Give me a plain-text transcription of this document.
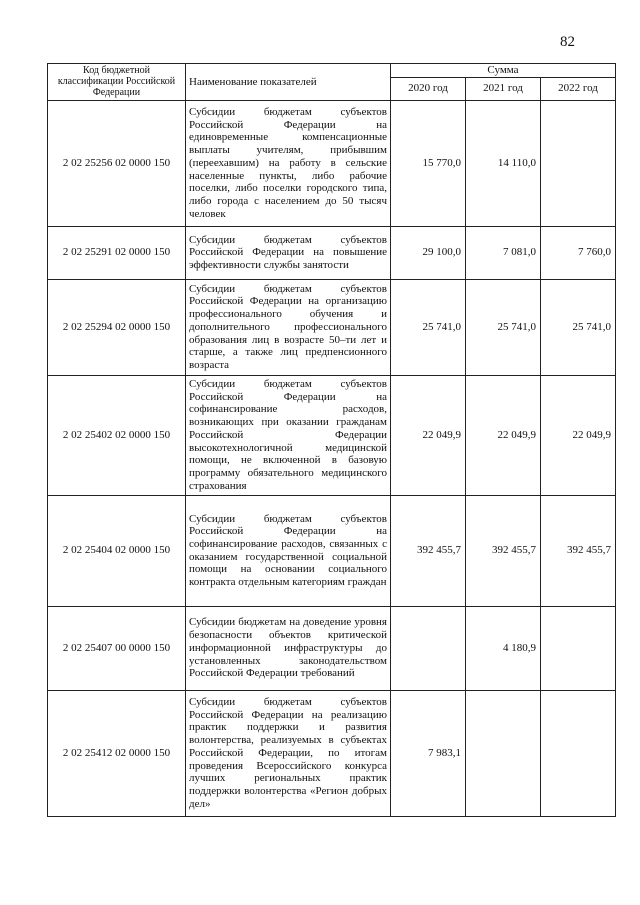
82
Код бюджетной классификации Российской Федерации	Наименование показателей	Сумма		
		2020 год	2021 год	2022 год
2 02 25256 02 0000 150	Субсидии бюджетам субъектов Российской Федерации на единовременные компенсационные выплаты учителям, прибывшим (переехавшим) на работу в сельские населенные пункты, либо рабочие поселки, либо поселки городского типа, либо города с населением до 50 тысяч человек	15 770,0	14 110,0	
2 02 25291 02 0000 150	Субсидии бюджетам субъектов Российской Федерации на повышение эффективности службы занятости	29 100,0	7 081,0	7 760,0
2 02 25294 02 0000 150	Субсидии бюджетам субъектов Российской Федерации на организацию профессионального обучения и дополнительного профессионального образования лиц в возрасте 50–ти лет и старше, а также лиц предпенсионного возраста	25 741,0	25 741,0	25 741,0
2 02 25402 02 0000 150	Субсидии бюджетам субъектов Российской Федерации на софинансирование расходов, возникающих при оказании гражданам Российской Федерации высокотехнологичной медицинской помощи, не включенной в базовую программу обязательного медицинского страхования	22 049,9	22 049,9	22 049,9
2 02 25404 02 0000 150	Субсидии бюджетам субъектов Российской Федерации на софинансирование расходов, связанных с оказанием государственной социальной помощи на основании социального контракта отдельным категориям граждан	392 455,7	392 455,7	392 455,7
2 02 25407 00 0000 150	Субсидии бюджетам на доведение уровня безопасности объектов критической информационной инфраструктуры до установленных законодательством Российской Федерации требований		4 180,9	
2 02 25412 02 0000 150	Субсидии бюджетам субъектов Российской Федерации на реализацию практик поддержки и развития волонтерства, реализуемых в субъектах Российской Федерации, по итогам проведения Всероссийского конкурса лучших региональных практик поддержки волонтерства «Регион добрых дел»	7 983,1		
